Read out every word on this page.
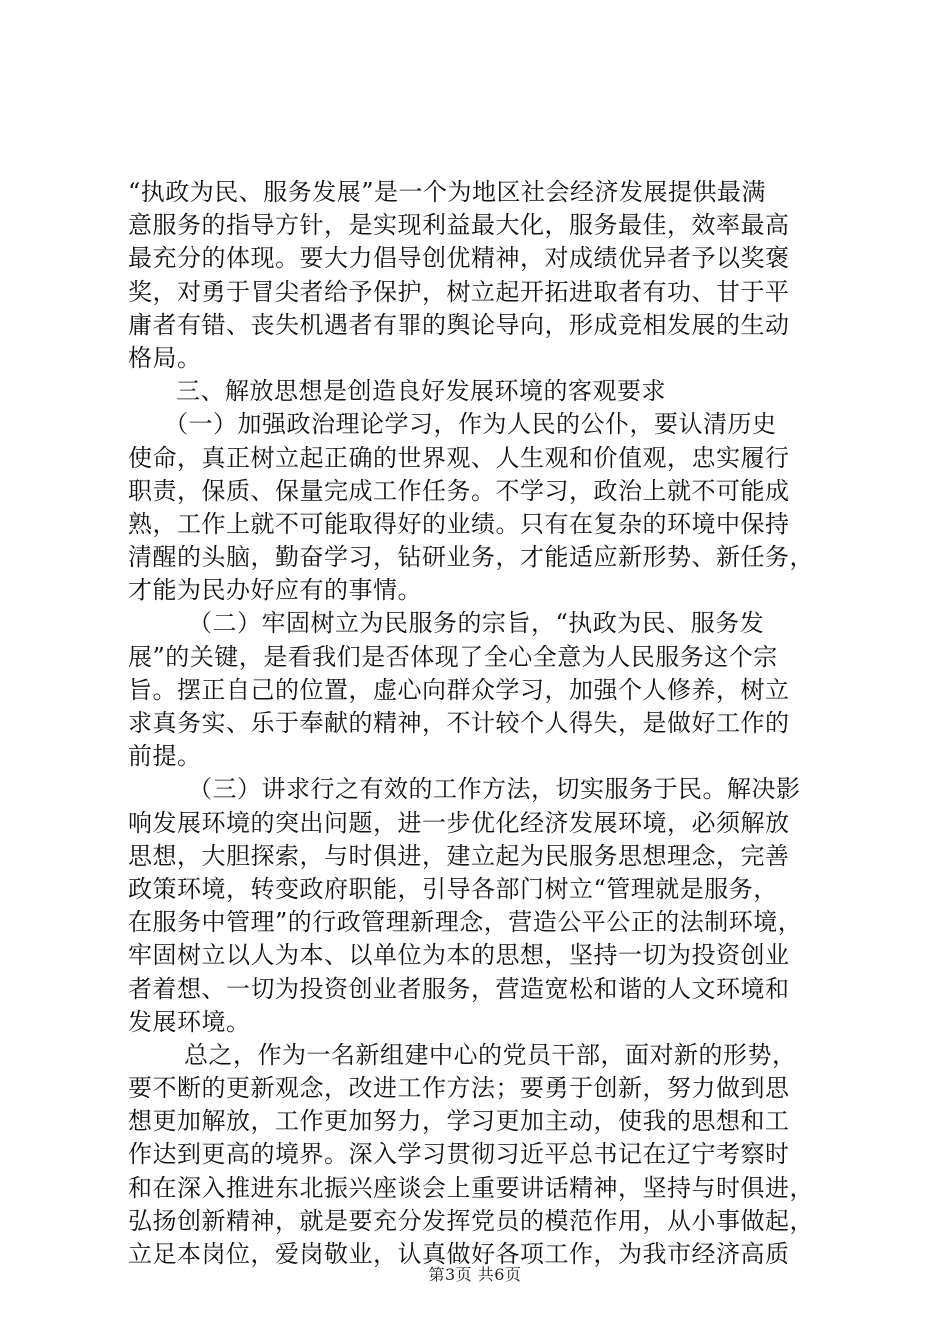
“执政为民、服务发展”是一个为地区社会经济发展提供最满
意服务的指导方针，是实现利益最大化，服务最佳，效率最高
最充分的体现。要大力倡导创优精神，对成绩优异者予以奖褒
奖，对勇于冒尖者给予保护，树立起开拓进取者有功、甘于平
庸者有错、丧失机遇者有罪的舆论导向，形成竞相发展的生动
格局。
三、解放思想是创造良好发展环境的客观要求
（一）加强政治理论学习，作为人民的公仆，要认清历史
使命，真正树立起正确的世界观、人生观和价值观，忠实履行
职责，保质、保量完成工作任务。不学习，政治上就不可能成
熟，工作上就不可能取得好的业绩。只有在复杂的环境中保持
清醒的头脑，勤奋学习，钻研业务，才能适应新形势、新任务，
才能为民办好应有的事情。
（二）牢固树立为民服务的宗旨，“执政为民、服务发
展”的关键，是看我们是否体现了全心全意为人民服务这个宗
旨。摆正自己的位置，虚心向群众学习，加强个人修养，树立
求真务实、乐于奉献的精神，不计较个人得失，是做好工作的
前提。
（三）讲求行之有效的工作方法，切实服务于民。解决影
响发展环境的突出问题，进一步优化经济发展环境，必须解放
思想，大胆探索，与时俱进，建立起为民服务思想理念，完善
政策环境，转变政府职能，引导各部门树立“管理就是服务，
在服务中管理”的行政管理新理念，营造公平公正的法制环境，
牢固树立以人为本、以单位为本的思想，坚持一切为投资创业
者着想、一切为投资创业者服务，营造宽松和谐的人文环境和
发展环境。
总之，作为一名新组建中心的党员干部，面对新的形势，
要不断的更新观念，改进工作方法；要勇于创新，努力做到思
想更加解放，工作更加努力，学习更加主动，使我的思想和工
作达到更高的境界。深入学习贯彻习近平总书记在辽宁考察时
和在深入推进东北振兴座谈会上重要讲话精神，坚持与时俱进，
弘扬创新精神，就是要充分发挥党员的模范作用，从小事做起，
立足本岗位，爱岗敬业，认真做好各项工作，为我市经济高质
第3页 共6页
